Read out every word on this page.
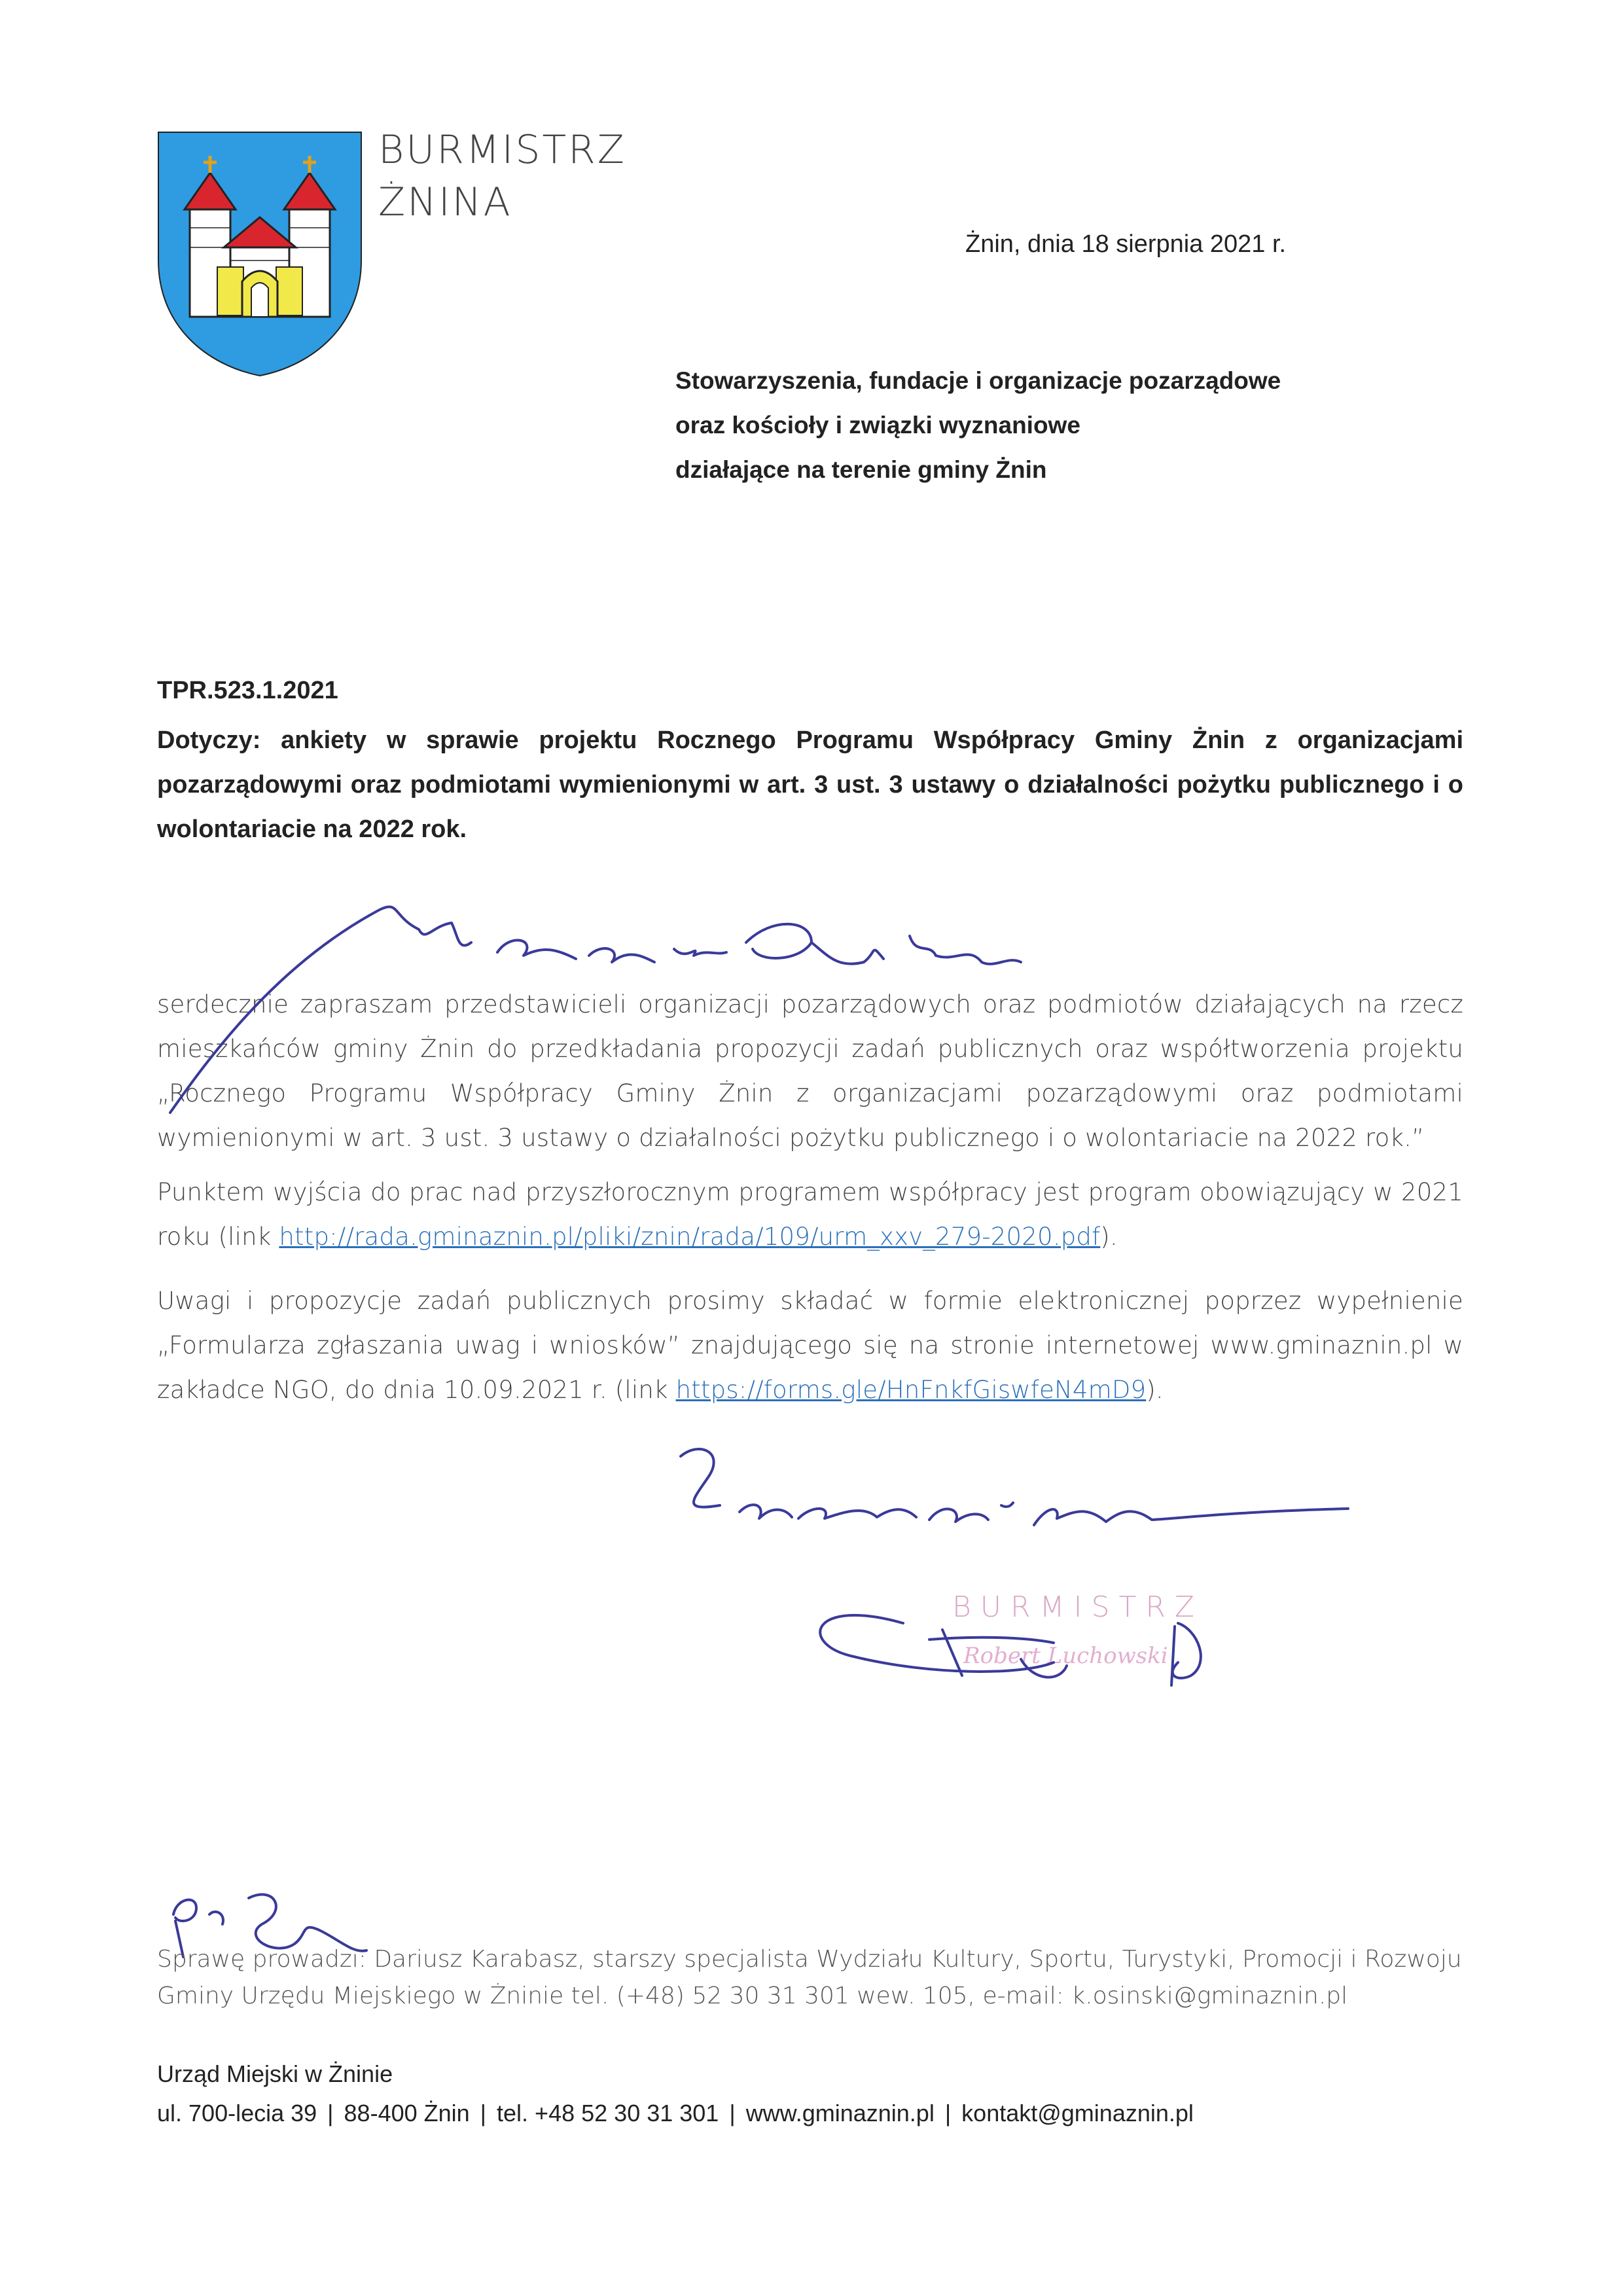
BURMISTRZ
ŻNINA
Żnin, dnia 18 sierpnia 2021 r.
Stowarzyszenia, fundacje i organizacje pozarządowe
oraz kościoły i związki wyznaniowe
działające na terenie gminy Żnin
TPR.523.1.2021
Dotyczy: ankiety w sprawie projektu Rocznego Programu Współpracy Gminy Żnin z organizacjami pozarządowymi oraz podmiotami wymienionymi w art. 3 ust. 3 ustawy o działalności pożytku publicznego i o wolontariacie na 2022 rok.
serdecznie zapraszam przedstawicieli organizacji pozarządowych oraz podmiotów działających na rzecz mieszkańców gminy Żnin do przedkładania propozycji zadań publicznych oraz współtworzenia projektu „Rocznego Programu Współpracy Gminy Żnin z organizacjami pozarządowymi oraz podmiotami wymienionymi w art. 3 ust. 3 ustawy o działalności pożytku publicznego i o wolontariacie na 2022 rok.”
Punktem wyjścia do prac nad przyszłorocznym programem współpracy jest program obowiązujący w 2021 roku (link http://rada.gminaznin.pl/pliki/znin/rada/109/urm_xxv_279-2020.pdf).
Uwagi i propozycje zadań publicznych prosimy składać w formie elektronicznej poprzez wypełnienie „Formularza zgłaszania uwag i wniosków” znajdującego się na stronie internetowej www.gminaznin.pl w zakładce NGO, do dnia 10.09.2021 r. (link https://forms.gle/HnFnkfGiswfeN4mD9).
BURMISTRZ
Robert Luchowski
Sprawę prowadzi: Dariusz Karabasz, starszy specjalista Wydziału Kultury, Sportu, Turystyki, Promocji i Rozwoju
Gminy Urzędu Miejskiego w Żninie tel. (+48) 52 30 31 301 wew. 105, e-mail: k.osinski@gminaznin.pl
Urząd Miejski w Żninie
ul. 700-lecia 39 | 88-400 Żnin | tel. +48 52 30 31 301 | www.gminaznin.pl | kontakt@gminaznin.pl
